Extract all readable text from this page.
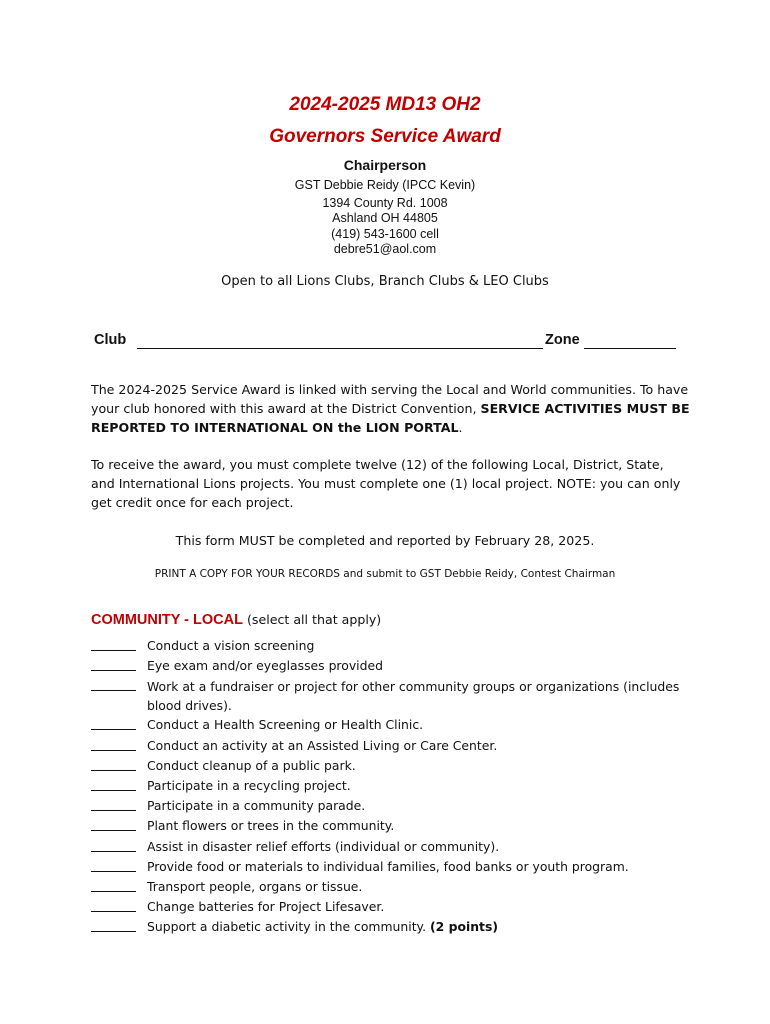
2024-2025 MD13 OH2
Governors Service Award
Chairperson
GST Debbie Reidy (IPCC Kevin)
1394 County Rd. 1008
Ashland OH 44805
(419) 543-1600 cell
debre51@aol.com
Open to all Lions Clubs, Branch Clubs & LEO Clubs
Club	Zone
The 2024-2025 Service Award is linked with serving the Local and World communities. To have your club honored with this award at the District Convention, SERVICE ACTIVITIES MUST BE REPORTED TO INTERNATIONAL ON the LION PORTAL.
To receive the award, you must complete twelve (12) of the following Local, District, State, and International Lions projects. You must complete one (1) local project. NOTE: you can only get credit once for each project.
This form MUST be completed and reported by February 28, 2025.
PRINT A COPY FOR YOUR RECORDS and submit to GST Debbie Reidy, Contest Chairman
COMMUNITY - LOCAL (select all that apply)
Conduct a vision screening
Eye exam and/or eyeglasses provided
Work at a fundraiser or project for other community groups or organizations (includes blood drives).
Conduct a Health Screening or Health Clinic.
Conduct an activity at an Assisted Living or Care Center.
Conduct cleanup of a public park.
Participate in a recycling project.
Participate in a community parade.
Plant flowers or trees in the community.
Assist in disaster relief efforts (individual or community).
Provide food or materials to individual families, food banks or youth program.
Transport people, organs or tissue.
Change batteries for Project Lifesaver.
Support a diabetic activity in the community. (2 points)
